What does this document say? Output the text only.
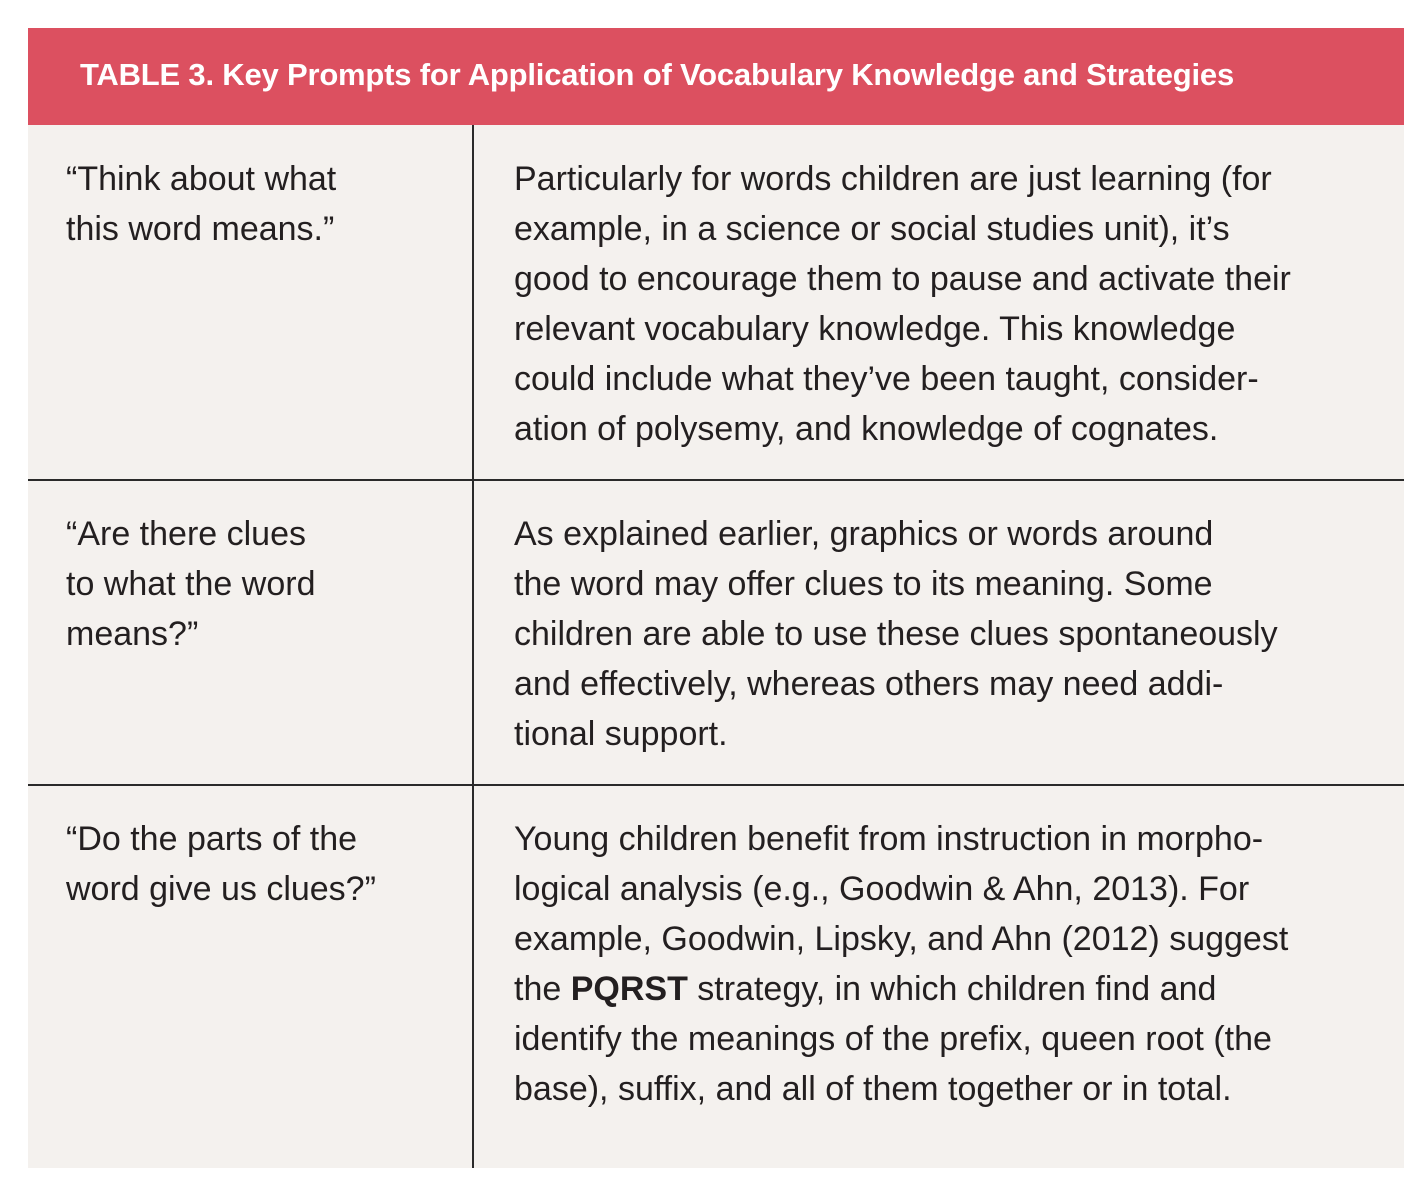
TABLE 3. Key Prompts for Application of Vocabulary Knowledge and Strategies
“Think about what
this word means.”
Particularly for words children are just learning (for
example, in a science or social studies unit), it’s
good to encourage them to pause and activate their
relevant vocabulary knowledge. This knowledge
could include what they’ve been taught, consider-
ation of polysemy, and knowledge of cognates.
“Are there clues
to what the word
means?”
As explained earlier, graphics or words around
the word may offer clues to its meaning. Some
children are able to use these clues spontaneously
and effectively, whereas others may need addi-
tional support.
“Do the parts of the
word give us clues?”
Young children benefit from instruction in morpho-
logical analysis (e.g., Goodwin & Ahn, 2013). For
example, Goodwin, Lipsky, and Ahn (2012) suggest
the PQRST strategy, in which children find and
identify the meanings of the prefix, queen root (the
base), suffix, and all of them together or in total.
